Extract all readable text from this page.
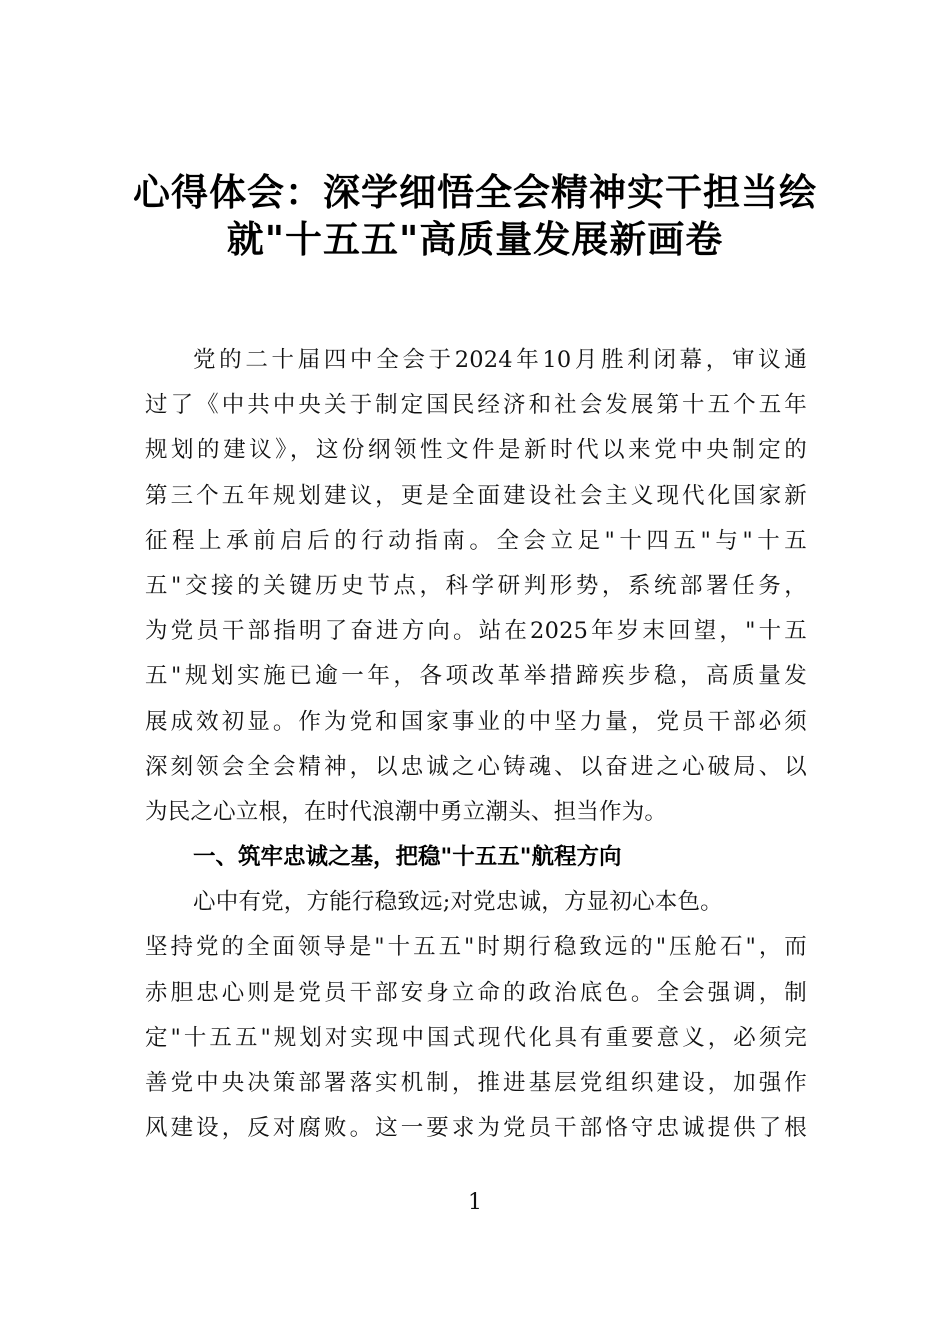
心得体会：深学细悟全会精神实干担当绘
就"十五五"高质量发展新画卷
党的二十届四中全会于2024年10月胜利闭幕，审议通
过了《中共中央关于制定国民经济和社会发展第十五个五年
规划的建议》，这份纲领性文件是新时代以来党中央制定的
第三个五年规划建议，更是全面建设社会主义现代化国家新
征程上承前启后的行动指南。全会立足"十四五"与"十五
五"交接的关键历史节点，科学研判形势，系统部署任务，
为党员干部指明了奋进方向。站在2025年岁末回望，"十五
五"规划实施已逾一年，各项改革举措蹄疾步稳，高质量发
展成效初显。作为党和国家事业的中坚力量，党员干部必须
深刻领会全会精神，以忠诚之心铸魂、以奋进之心破局、以
为民之心立根，在时代浪潮中勇立潮头、担当作为。
一、筑牢忠诚之基，把稳"十五五"航程方向
心中有党，方能行稳致远;对党忠诚，方显初心本色。
坚持党的全面领导是"十五五"时期行稳致远的"压舱石"，而
赤胆忠心则是党员干部安身立命的政治底色。全会强调，制
定"十五五"规划对实现中国式现代化具有重要意义，必须完
善党中央决策部署落实机制，推进基层党组织建设，加强作
风建设，反对腐败。这一要求为党员干部恪守忠诚提供了根
1
